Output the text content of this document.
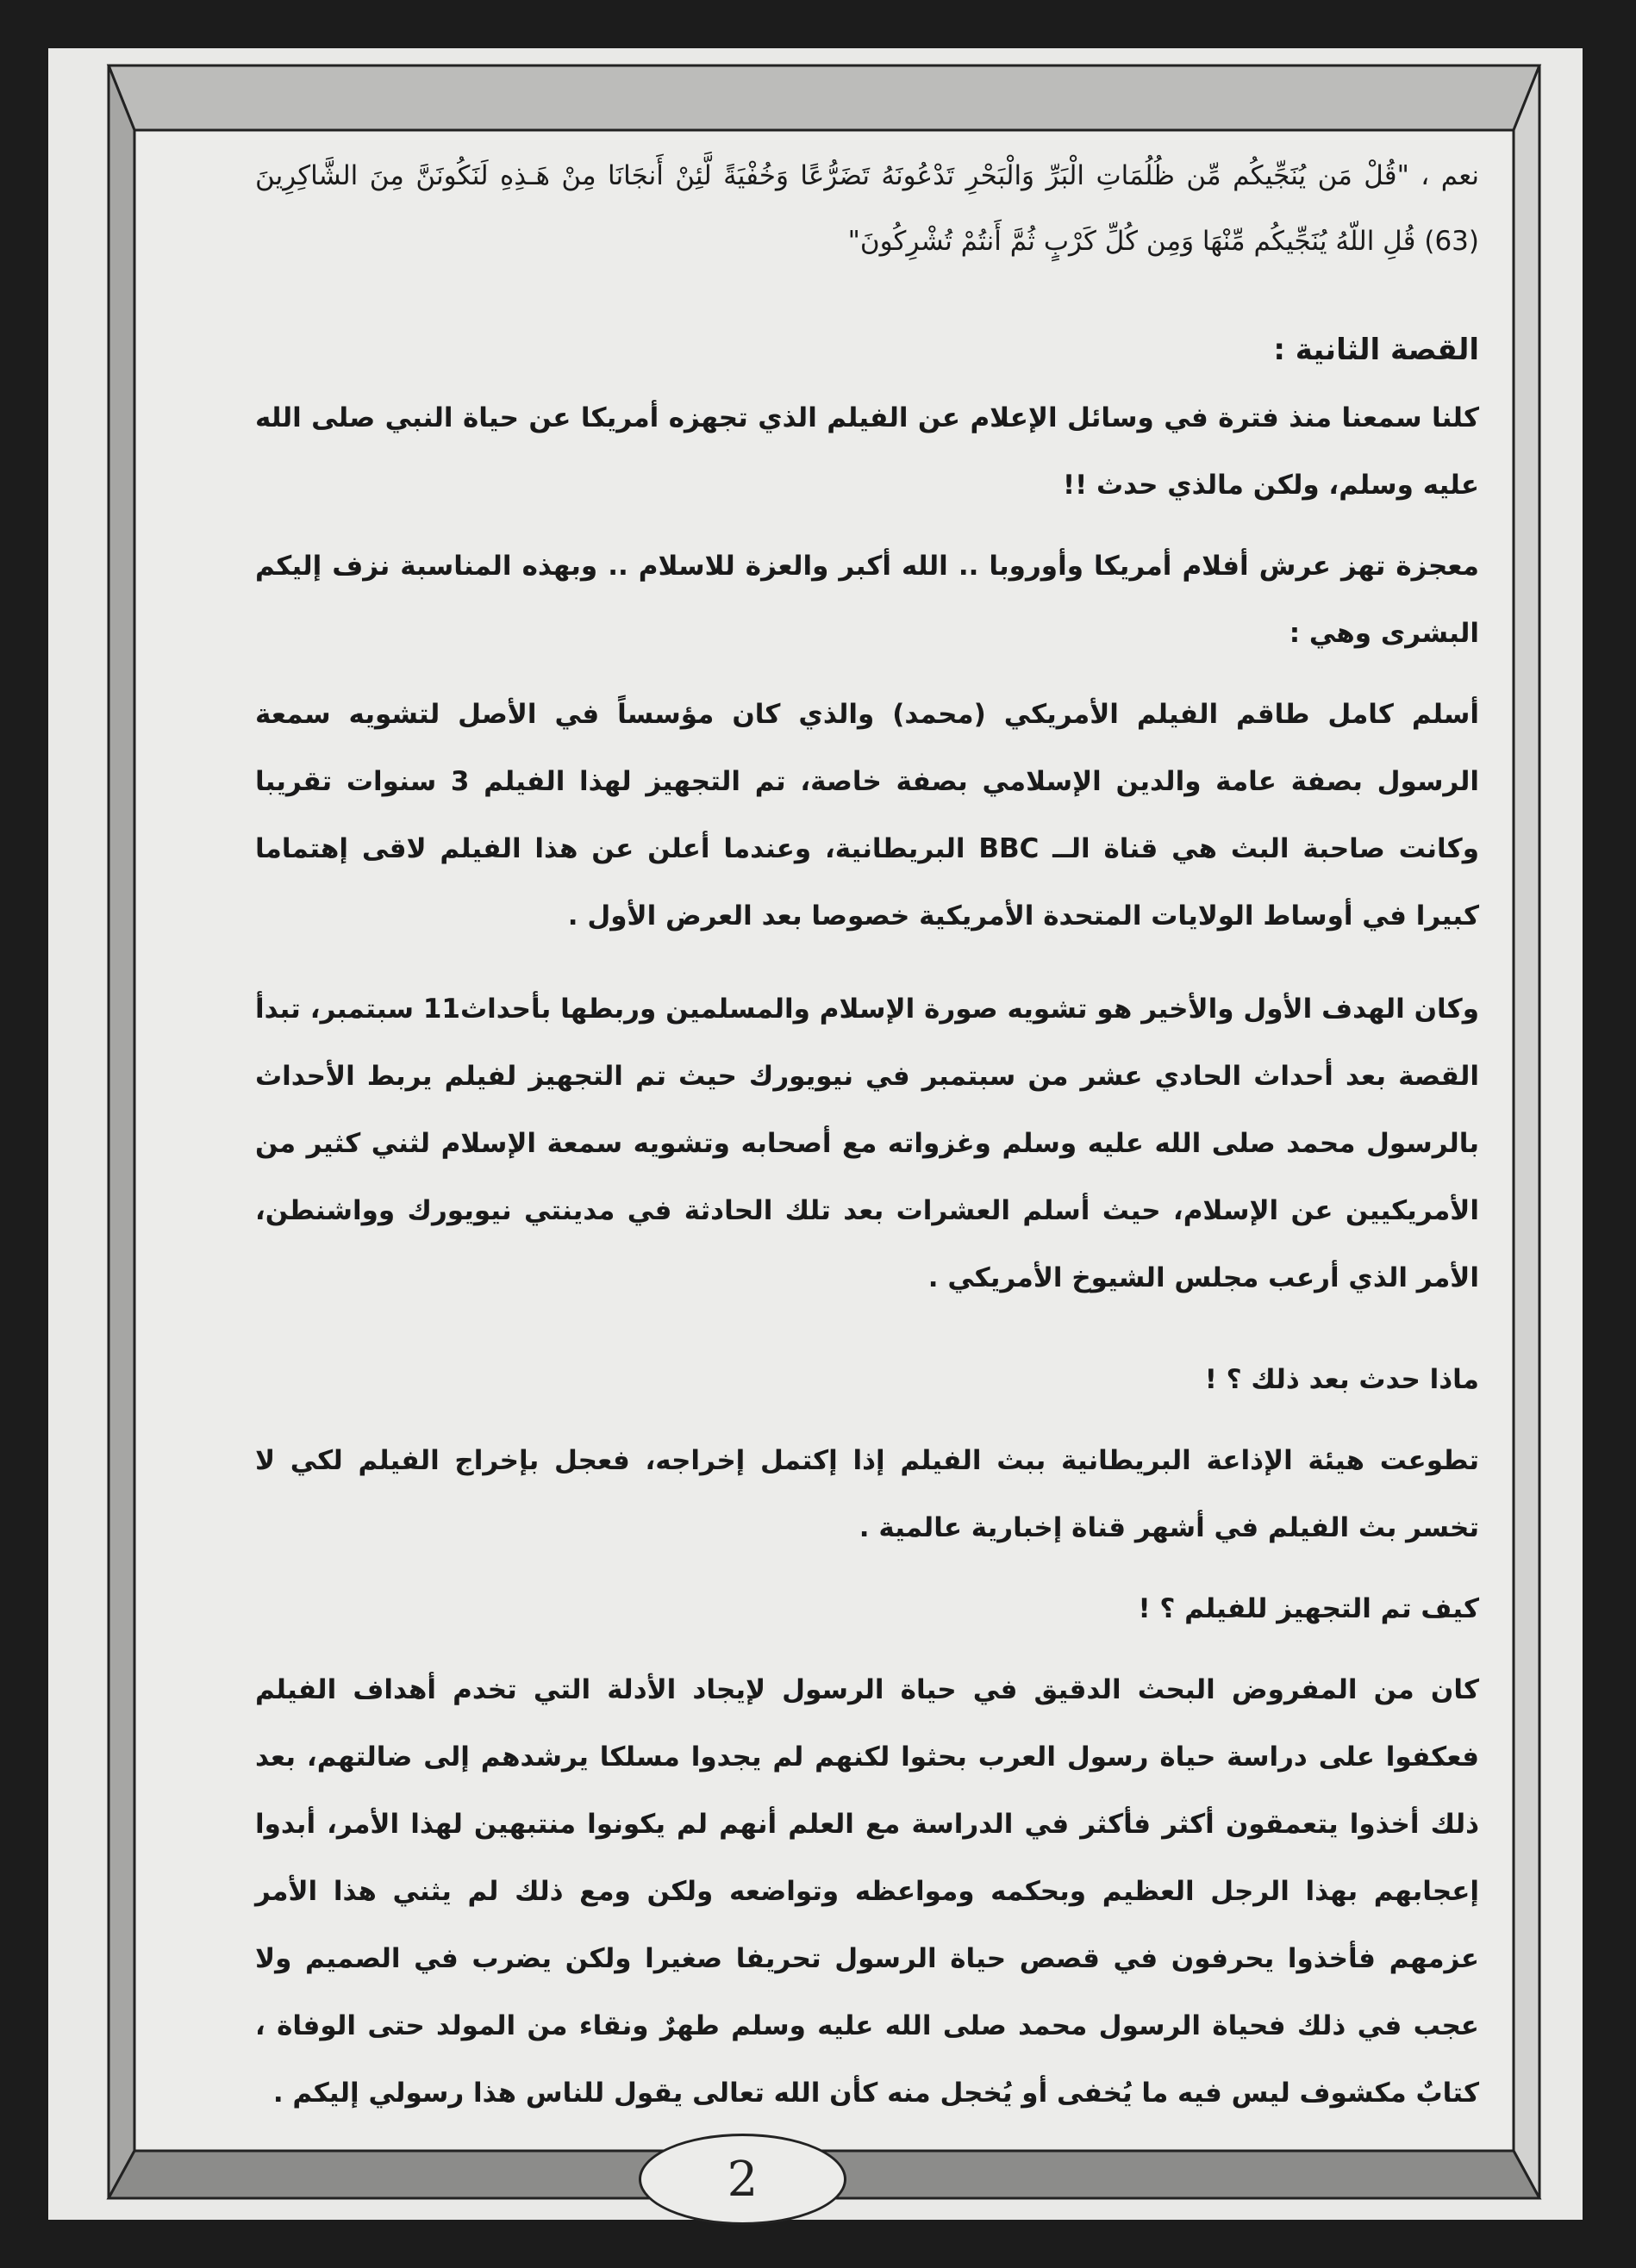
نعم ، "قُلْ مَن يُنَجِّيكُم مِّن ظُلُمَاتِ الْبَرِّ وَالْبَحْرِ تَدْعُونَهُ تَضَرُّعًا وَخُفْيَةً لَّئِنْ أَنجَانَا مِنْ هَـذِهِ لَنَكُونَنَّ مِنَ الشَّاكِرِينَ (63) قُلِ اللّهُ يُنَجِّيكُم مِّنْهَا وَمِن كُلِّ كَرْبٍ ثُمَّ أَنتُمْ تُشْرِكُونَ"

القصة الثانية :

كلنا سمعنا منذ فترة في وسائل الإعلام عن الفيلم الذي تجهزه أمريكا عن حياة النبي صلى الله عليه وسلم، ولكن مالذي حدث !!

معجزة تهز عرش أفلام أمريكا وأوروبا .. الله أكبر والعزة للاسلام .. وبهذه المناسبة نزف إليكم البشرى وهي :

أسلم كامل طاقم الفيلم الأمريكي (محمد) والذي كان مؤسساً في الأصل لتشويه سمعة الرسول بصفة عامة والدين الإسلامي بصفة خاصة، تم التجهيز لهذا الفيلم 3 سنوات تقريبا وكانت صاحبة البث هي قناة الــ BBC البريطانية، وعندما أعلن عن هذا الفيلم لاقى إهتماما كبيرا في أوساط الولايات المتحدة الأمريكية خصوصا بعد العرض الأول .

وكان الهدف الأول والأخير هو تشويه صورة الإسلام والمسلمين وربطها بأحداث11 سبتمبر، تبدأ القصة بعد أحداث الحادي عشر من سبتمبر في نيويورك حيث تم التجهيز لفيلم يربط الأحداث بالرسول محمد صلى الله عليه وسلم وغزواته مع أصحابه وتشويه سمعة الإسلام لثني كثير من الأمريكيين عن الإسلام، حيث أسلم العشرات بعد تلك الحادثة في مدينتي نيويورك وواشنطن، الأمر الذي أرعب مجلس الشيوخ الأمريكي .

ماذا حدث بعد ذلك ؟ !

تطوعت هيئة الإذاعة البريطانية ببث الفيلم إذا إكتمل إخراجه، فعجل بإخراج الفيلم لكي لا تخسر بث الفيلم في أشهر قناة إخبارية عالمية .

كيف تم التجهيز للفيلم ؟ !

كان من المفروض البحث الدقيق في حياة الرسول لإيجاد الأدلة التي تخدم أهداف الفيلم فعكفوا على دراسة حياة رسول العرب بحثوا لكنهم لم يجدوا مسلكا يرشدهم إلى ضالتهم، بعد ذلك أخذوا يتعمقون أكثر فأكثر في الدراسة مع العلم أنهم لم يكونوا منتبهين لهذا الأمر، أبدوا إعجابهم بهذا الرجل العظيم وبحكمه ومواعظه وتواضعه ولكن ومع ذلك لم يثني هذا الأمر عزمهم فأخذوا يحرفون في قصص حياة الرسول تحريفا صغيرا ولكن يضرب في الصميم ولا عجب في ذلك فحياة الرسول محمد صلى الله عليه وسلم طهرٌ ونقاء من المولد حتى الوفاة ، كتابٌ مكشوف ليس فيه ما يُخفى أو يُخجل منه كأن الله تعالى يقول للناس هذا رسولي إليكم .

2
